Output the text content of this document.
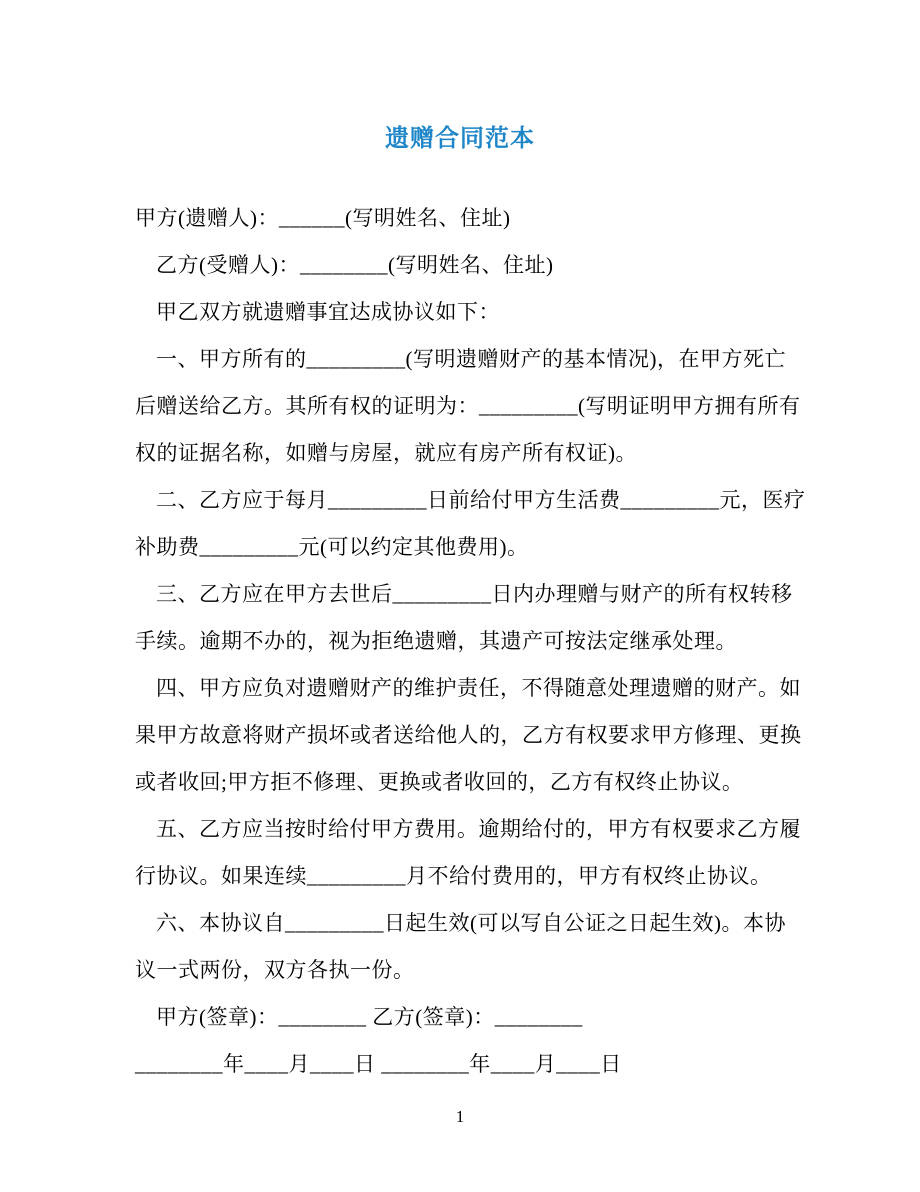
遗赠合同范本
甲方(遗赠人)：______(写明姓名、住址)
乙方(受赠人)：________(写明姓名、住址)
甲乙双方就遗赠事宜达成协议如下：
一、甲方所有的_________(写明遗赠财产的基本情况)，在甲方死亡
后赠送给乙方。其所有权的证明为：_________(写明证明甲方拥有所有
权的证据名称，如赠与房屋，就应有房产所有权证)。
二、乙方应于每月_________日前给付甲方生活费_________元，医疗
补助费_________元(可以约定其他费用)。
三、乙方应在甲方去世后_________日内办理赠与财产的所有权转移
手续。逾期不办的，视为拒绝遗赠，其遗产可按法定继承处理。
四、甲方应负对遗赠财产的维护责任，不得随意处理遗赠的财产。如
果甲方故意将财产损坏或者送给他人的，乙方有权要求甲方修理、更换
或者收回;甲方拒不修理、更换或者收回的，乙方有权终止协议。
五、乙方应当按时给付甲方费用。逾期给付的，甲方有权要求乙方履
行协议。如果连续_________月不给付费用的，甲方有权终止协议。
六、本协议自_________日起生效(可以写自公证之日起生效)。本协
议一式两份，双方各执一份。
甲方(签章)：________ 乙方(签章)：________
________年____月____日 ________年____月____日
1
